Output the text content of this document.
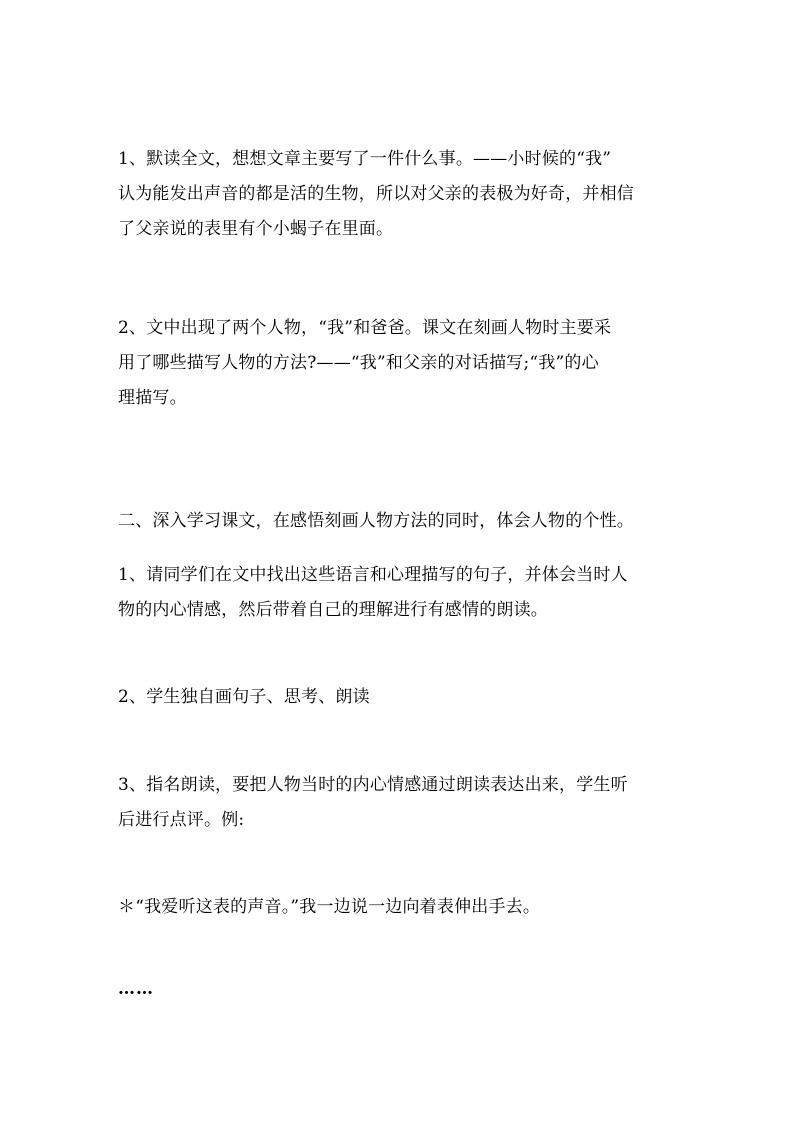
1、默读全文，想想文章主要写了一件什么事。——小时候的“我”
认为能发出声音的都是活的生物，所以对父亲的表极为好奇，并相信
了父亲说的表里有个小蝎子在里面。

2、文中出现了两个人物，“我”和爸爸。课文在刻画人物时主要采
用了哪些描写人物的方法?——“我”和父亲的对话描写;“我”的心
理描写。

二、深入学习课文，在感悟刻画人物方法的同时，体会人物的个性。

1、请同学们在文中找出这些语言和心理描写的句子，并体会当时人
物的内心情感，然后带着自己的理解进行有感情的朗读。

2、学生独自画句子、思考、朗读

3、指名朗读，要把人物当时的内心情感通过朗读表达出来，学生听
后进行点评。例:

＊“我爱听这表的声音。”我一边说一边向着表伸出手去。

……
